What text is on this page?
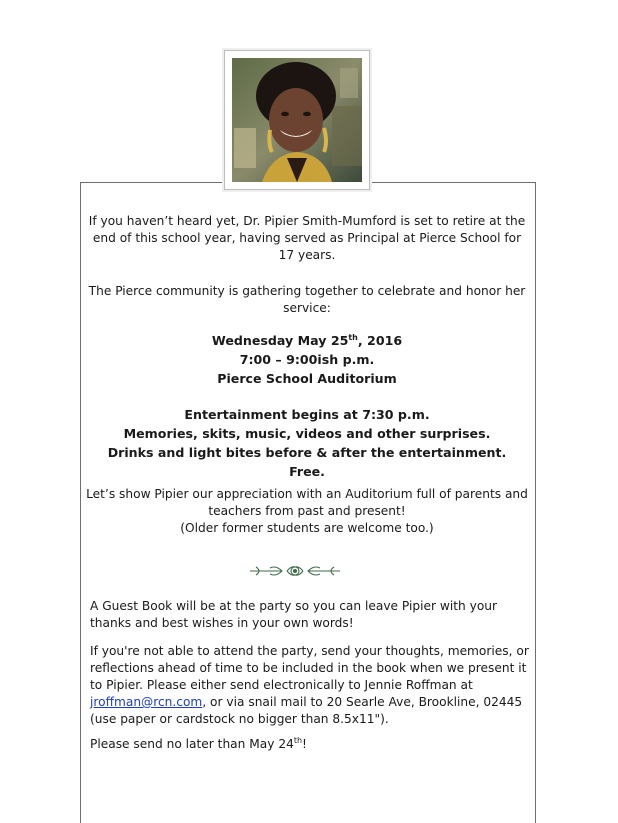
If you haven’t heard yet, Dr. Pipier Smith-Mumford is set to retire at the end of this school year, having served as Principal at Pierce School for 17 years.
The Pierce community is gathering together to celebrate and honor her service:
Wednesday May 25th, 2016
7:00 – 9:00ish p.m.
Pierce School Auditorium
Entertainment begins at 7:30 p.m.
Memories, skits, music, videos and other surprises.
Drinks and light bites before & after the entertainment.
Free.
Let’s show Pipier our appreciation with an Auditorium full of parents and teachers from past and present!
(Older former students are welcome too.)
A Guest Book will be at the party so you can leave Pipier with your thanks and best wishes in your own words!
If you're not able to attend the party, send your thoughts, memories, or reflections ahead of time to be included in the book when we present it to Pipier. Please either send electronically to Jennie Roffman at jroffman@rcn.com, or via snail mail to 20 Searle Ave, Brookline, 02445 (use paper or cardstock no bigger than 8.5x11").
Please send no later than May 24th!
